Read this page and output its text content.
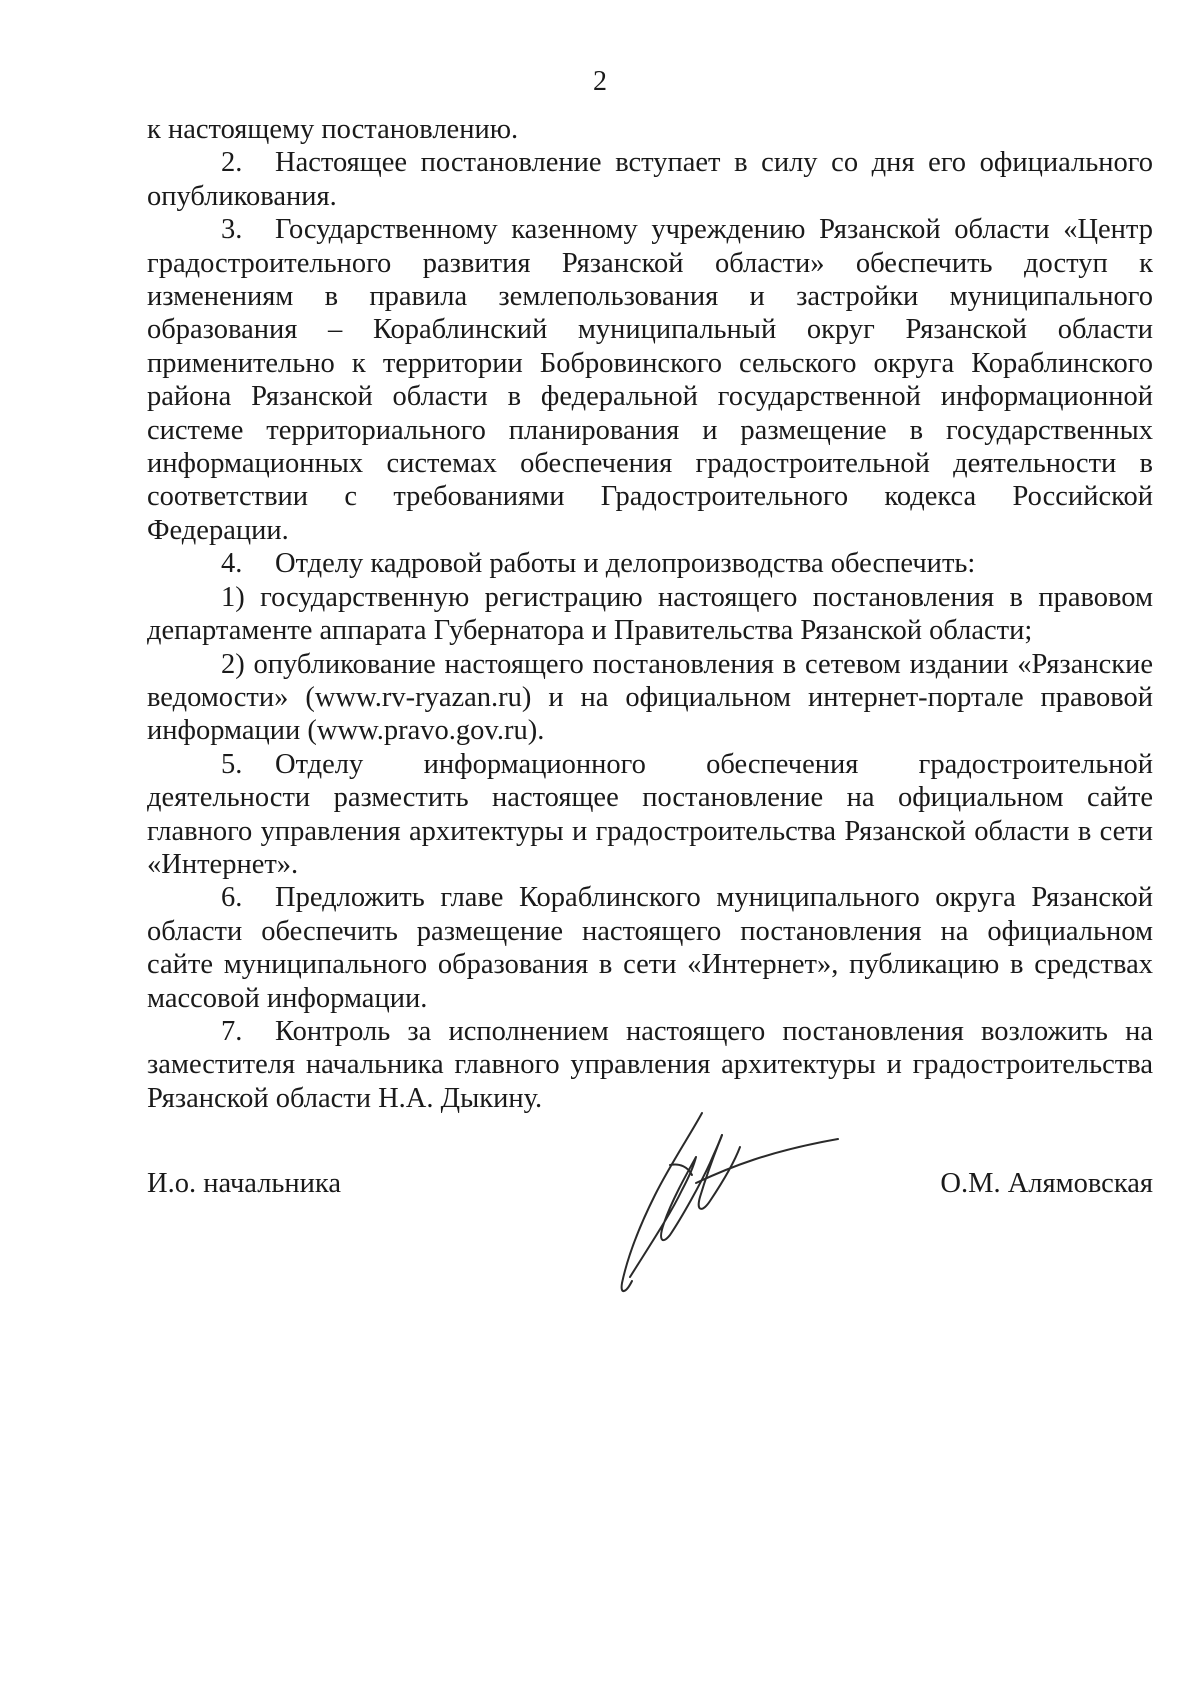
2

к настоящему постановлению.

2. Настоящее постановление вступает в силу со дня его официального опубликования.

3. Государственному казенному учреждению Рязанской области «Центр градостроительного развития Рязанской области» обеспечить доступ к изменениям в правила землепользования и застройки муниципального образования – Кораблинский муниципальный округ Рязанской области применительно к территории Бобровинского сельского округа Кораблинского района Рязанской области в федеральной государственной информационной системе территориального планирования и размещение в государственных информационных системах обеспечения градостроительной деятельности в соответствии с требованиями Градостроительного кодекса Российской Федерации.

4. Отделу кадровой работы и делопроизводства обеспечить:

1) государственную регистрацию настоящего постановления в правовом департаменте аппарата Губернатора и Правительства Рязанской области;

2) опубликование настоящего постановления в сетевом издании «Рязанские ведомости» (www.rv-ryazan.ru) и на официальном интернет-портале правовой информации (www.pravo.gov.ru).

5. Отделу информационного обеспечения градостроительной деятельности разместить настоящее постановление на официальном сайте главного управления архитектуры и градостроительства Рязанской области в сети «Интернет».

6. Предложить главе Кораблинского муниципального округа Рязанской области обеспечить размещение настоящего постановления на официальном сайте муниципального образования в сети «Интернет», публикацию в средствах массовой информации.

7. Контроль за исполнением настоящего постановления возложить на заместителя начальника главного управления архитектуры и градостроительства Рязанской области Н.А. Дыкину.

И.о. начальника	О.М. Алямовская
